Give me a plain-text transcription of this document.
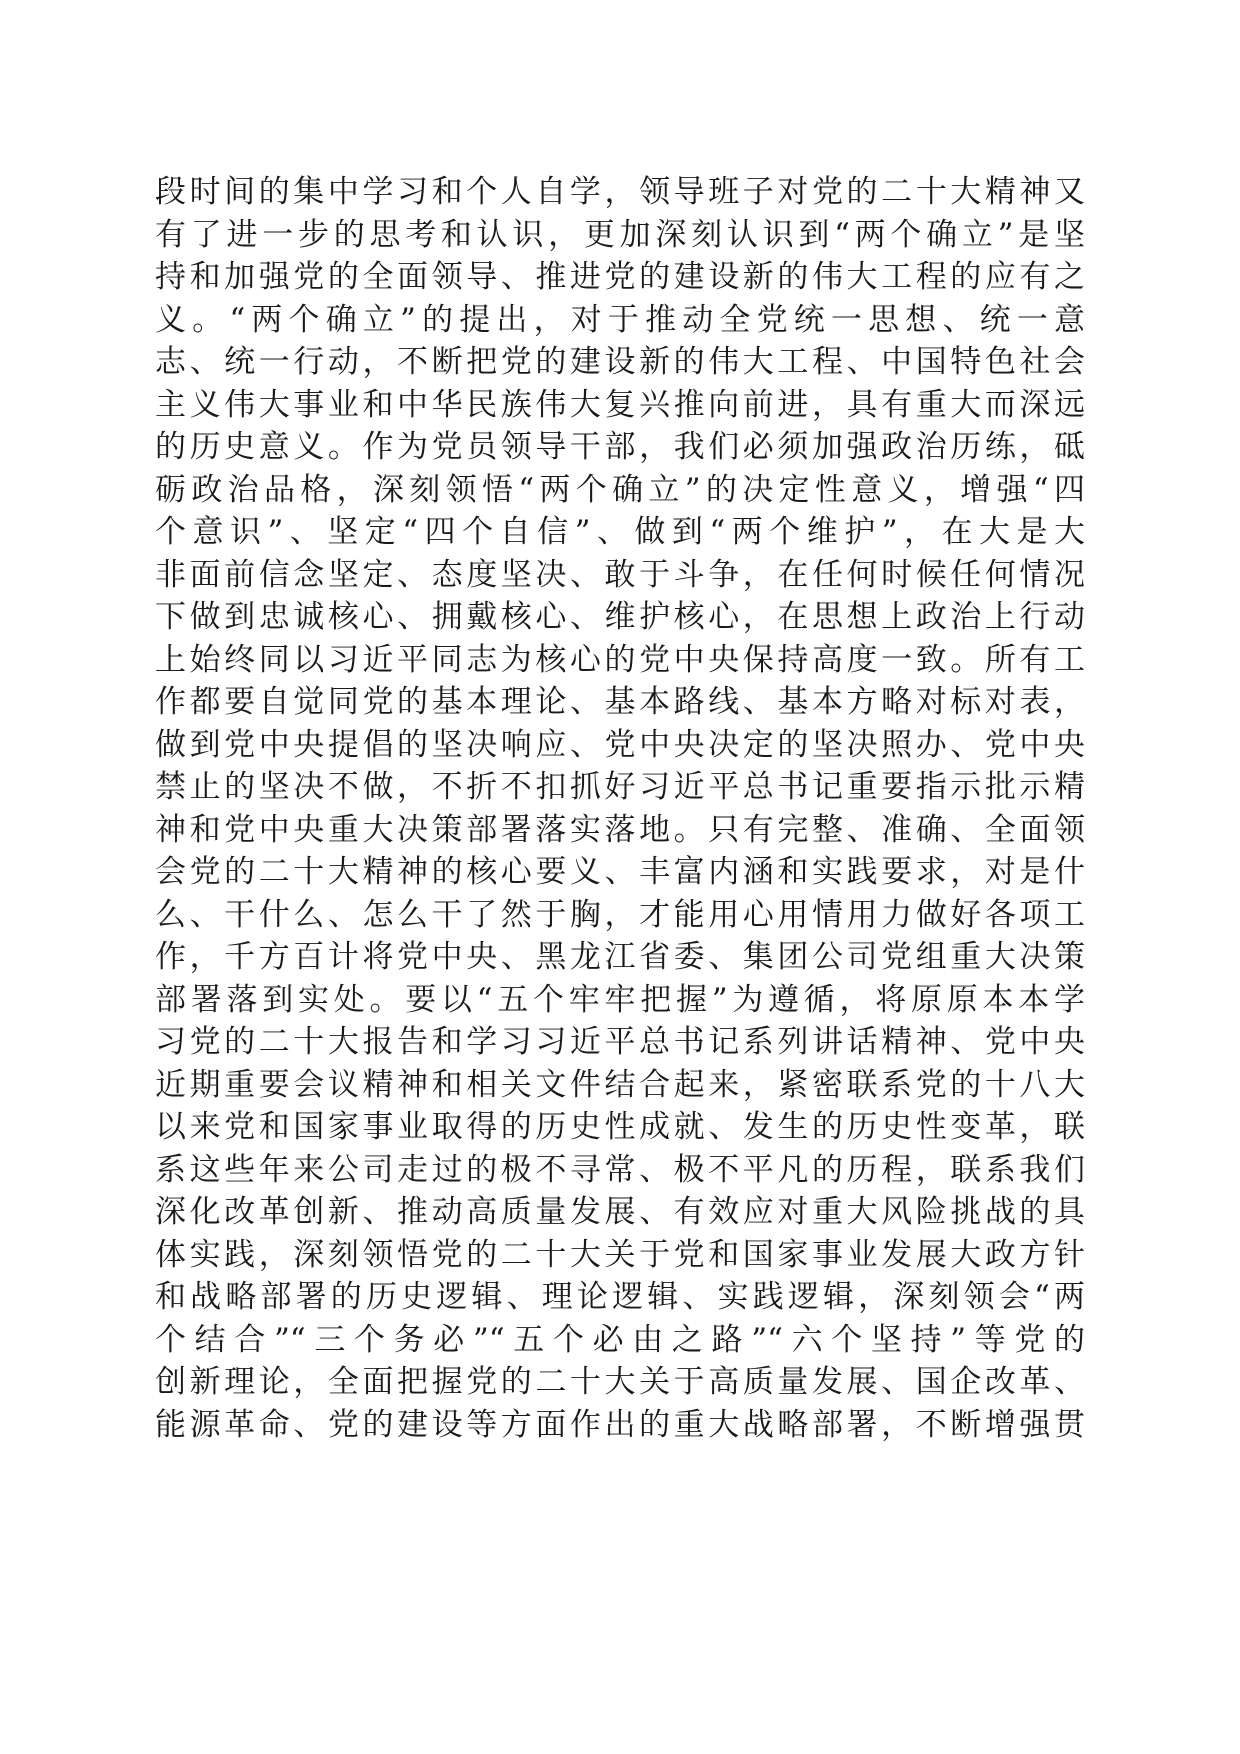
段时间的集中学习和个人自学，领导班子对党的二十大精神又
有了进一步的思考和认识，更加深刻认识到“两个确立”是坚
持和加强党的全面领导、推进党的建设新的伟大工程的应有之
义。“两个确立”的提出，对于推动全党统一思想、统一意
志、统一行动，不断把党的建设新的伟大工程、中国特色社会
主义伟大事业和中华民族伟大复兴推向前进，具有重大而深远
的历史意义。作为党员领导干部，我们必须加强政治历练，砥
砺政治品格，深刻领悟“两个确立”的决定性意义，增强“四
个意识”、坚定“四个自信”、做到“两个维护”，在大是大
非面前信念坚定、态度坚决、敢于斗争，在任何时候任何情况
下做到忠诚核心、拥戴核心、维护核心，在思想上政治上行动
上始终同以习近平同志为核心的党中央保持高度一致。所有工
作都要自觉同党的基本理论、基本路线、基本方略对标对表，
做到党中央提倡的坚决响应、党中央决定的坚决照办、党中央
禁止的坚决不做，不折不扣抓好习近平总书记重要指示批示精
神和党中央重大决策部署落实落地。只有完整、准确、全面领
会党的二十大精神的核心要义、丰富内涵和实践要求，对是什
么、干什么、怎么干了然于胸，才能用心用情用力做好各项工
作，千方百计将党中央、黑龙江省委、集团公司党组重大决策
部署落到实处。要以“五个牢牢把握”为遵循，将原原本本学
习党的二十大报告和学习习近平总书记系列讲话精神、党中央
近期重要会议精神和相关文件结合起来，紧密联系党的十八大
以来党和国家事业取得的历史性成就、发生的历史性变革，联
系这些年来公司走过的极不寻常、极不平凡的历程，联系我们
深化改革创新、推动高质量发展、有效应对重大风险挑战的具
体实践，深刻领悟党的二十大关于党和国家事业发展大政方针
和战略部署的历史逻辑、理论逻辑、实践逻辑，深刻领会“两
个结合”“三个务必”“五个必由之路”“六个坚持”等党的
创新理论，全面把握党的二十大关于高质量发展、国企改革、
能源革命、党的建设等方面作出的重大战略部署，不断增强贯
